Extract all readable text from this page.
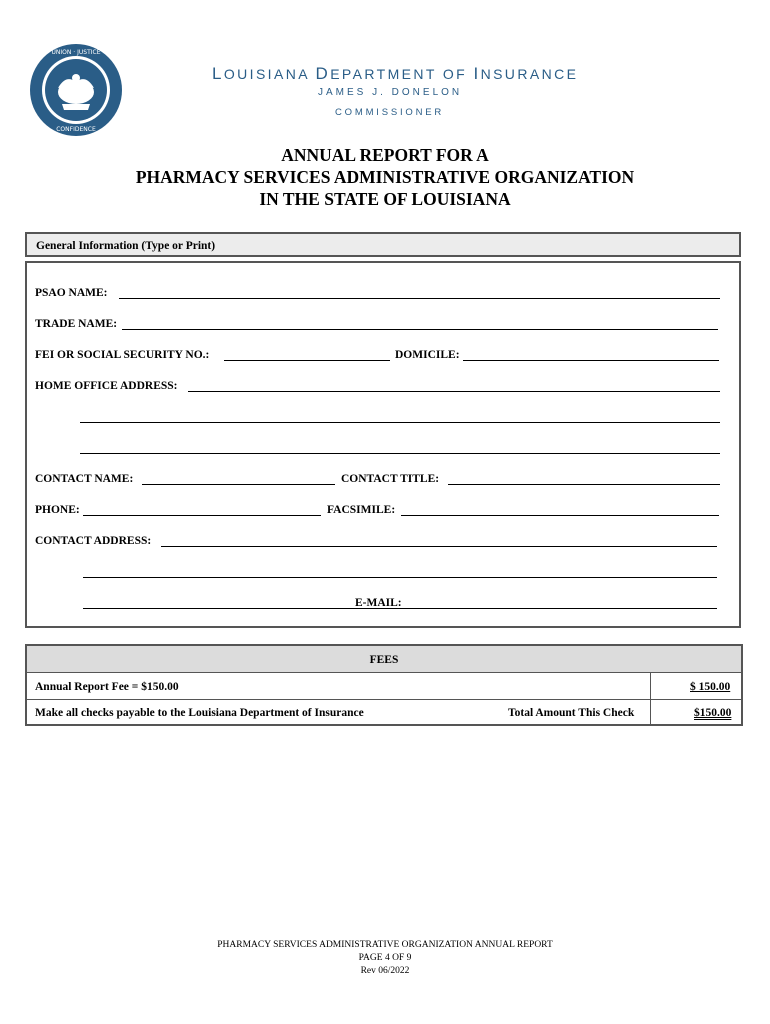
UNION · JUSTICE
CONFIDENCE
LOUISIANA DEPARTMENT OF INSURANCE
JAMES J. DONELON
COMMISSIONER
ANNUAL REPORT FOR A
PHARMACY SERVICES ADMINISTRATIVE ORGANIZATION
IN THE STATE OF LOUISIANA
General Information (Type or Print)
PSAO NAME:
TRADE NAME:
FEI OR SOCIAL SECURITY NO.:	DOMICILE:
HOME OFFICE ADDRESS:
CONTACT NAME:	CONTACT TITLE:
PHONE:	FACSIMILE:
CONTACT ADDRESS:
E-MAIL:
FEES
Annual Report Fee = $150.00	$ 150.00
Make all checks payable to the Louisiana Department of Insurance	Total Amount This Check	$150.00
PHARMACY SERVICES ADMINISTRATIVE ORGANIZATION ANNUAL REPORT
PAGE 4 OF 9
Rev 06/2022
